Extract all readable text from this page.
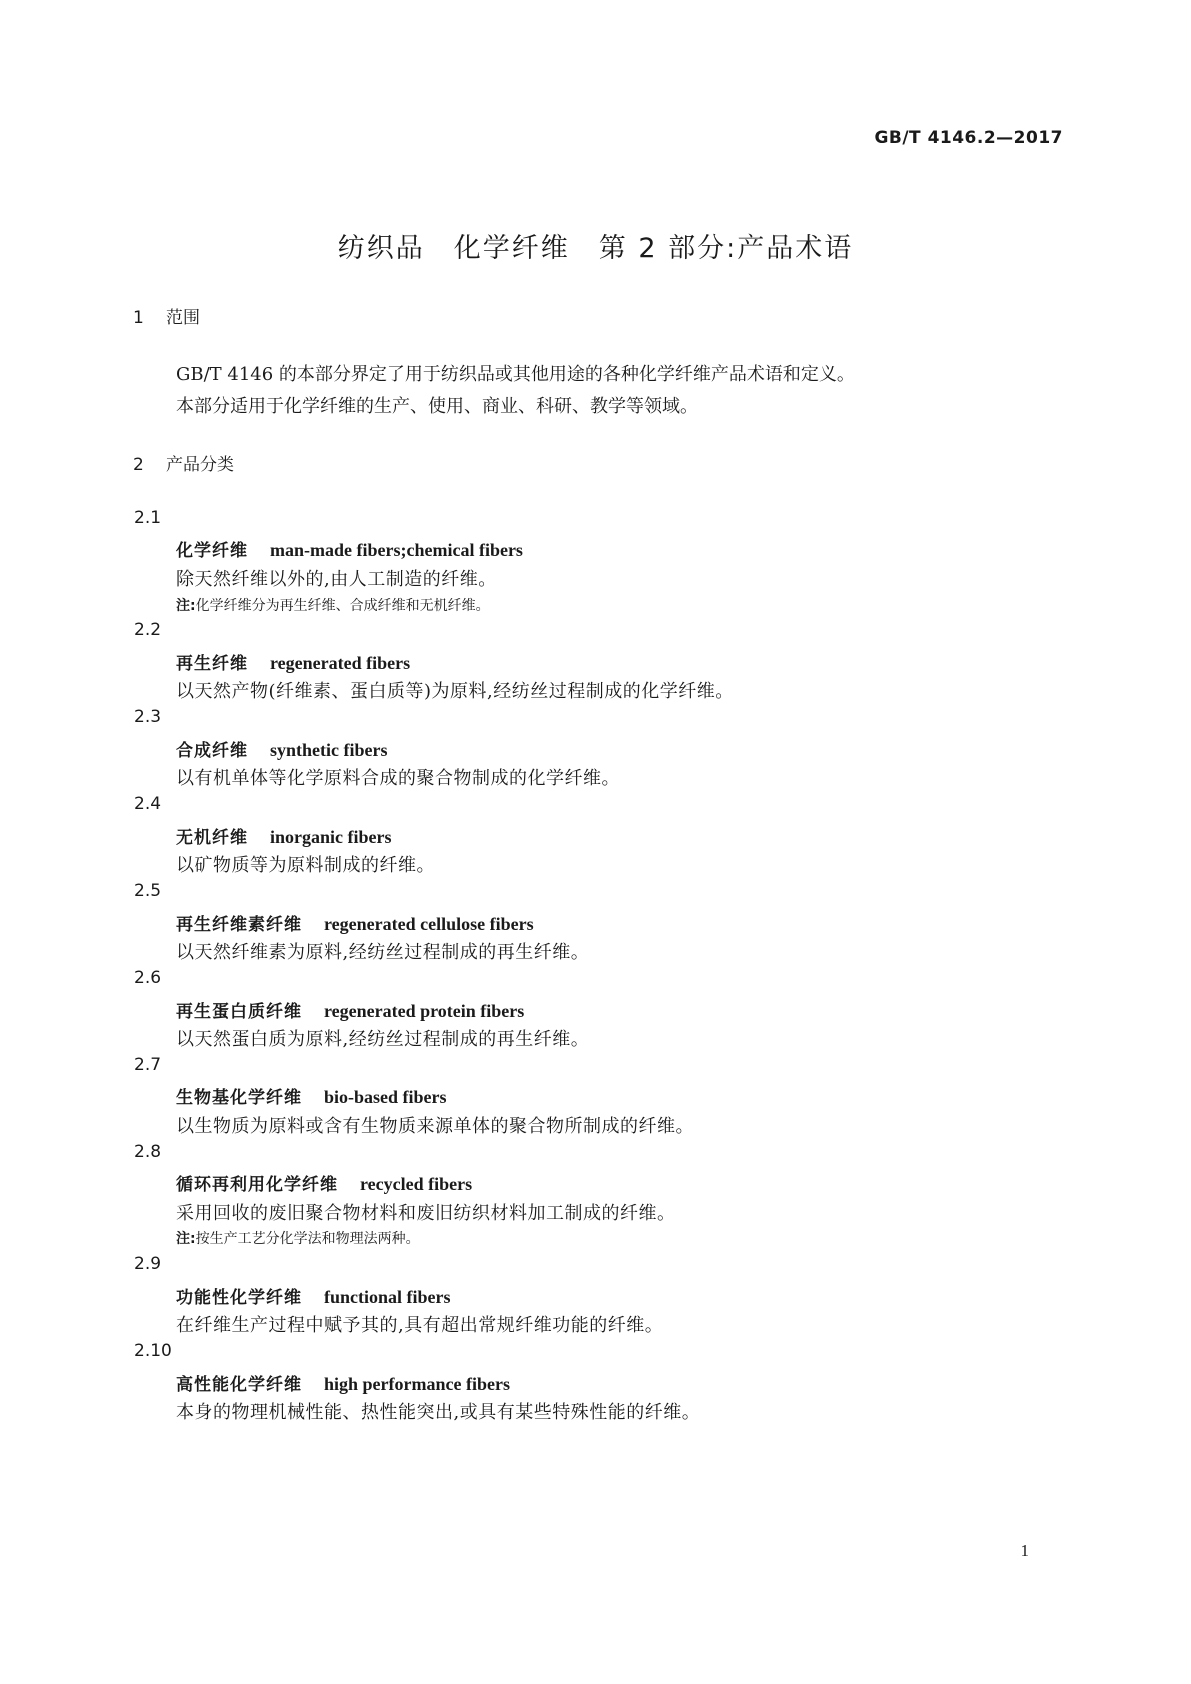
GB/T 4146.2—2017
纺织品　化学纤维　第 2 部分:产品术语
1 范围
GB/T 4146 的本部分界定了用于纺织品或其他用途的各种化学纤维产品术语和定义。
本部分适用于化学纤维的生产、使用、商业、科研、教学等领域。
2 产品分类
2.1
化学纤维 man-made fibers;chemical fibers
除天然纤维以外的,由人工制造的纤维。
注:化学纤维分为再生纤维、合成纤维和无机纤维。
2.2
再生纤维 regenerated fibers
以天然产物(纤维素、蛋白质等)为原料,经纺丝过程制成的化学纤维。
2.3
合成纤维 synthetic fibers
以有机单体等化学原料合成的聚合物制成的化学纤维。
2.4
无机纤维 inorganic fibers
以矿物质等为原料制成的纤维。
2.5
再生纤维素纤维 regenerated cellulose fibers
以天然纤维素为原料,经纺丝过程制成的再生纤维。
2.6
再生蛋白质纤维 regenerated protein fibers
以天然蛋白质为原料,经纺丝过程制成的再生纤维。
2.7
生物基化学纤维 bio-based fibers
以生物质为原料或含有生物质来源单体的聚合物所制成的纤维。
2.8
循环再利用化学纤维 recycled fibers
采用回收的废旧聚合物材料和废旧纺织材料加工制成的纤维。
注:按生产工艺分化学法和物理法两种。
2.9
功能性化学纤维 functional fibers
在纤维生产过程中赋予其的,具有超出常规纤维功能的纤维。
2.10
高性能化学纤维 high performance fibers
本身的物理机械性能、热性能突出,或具有某些特殊性能的纤维。
1
